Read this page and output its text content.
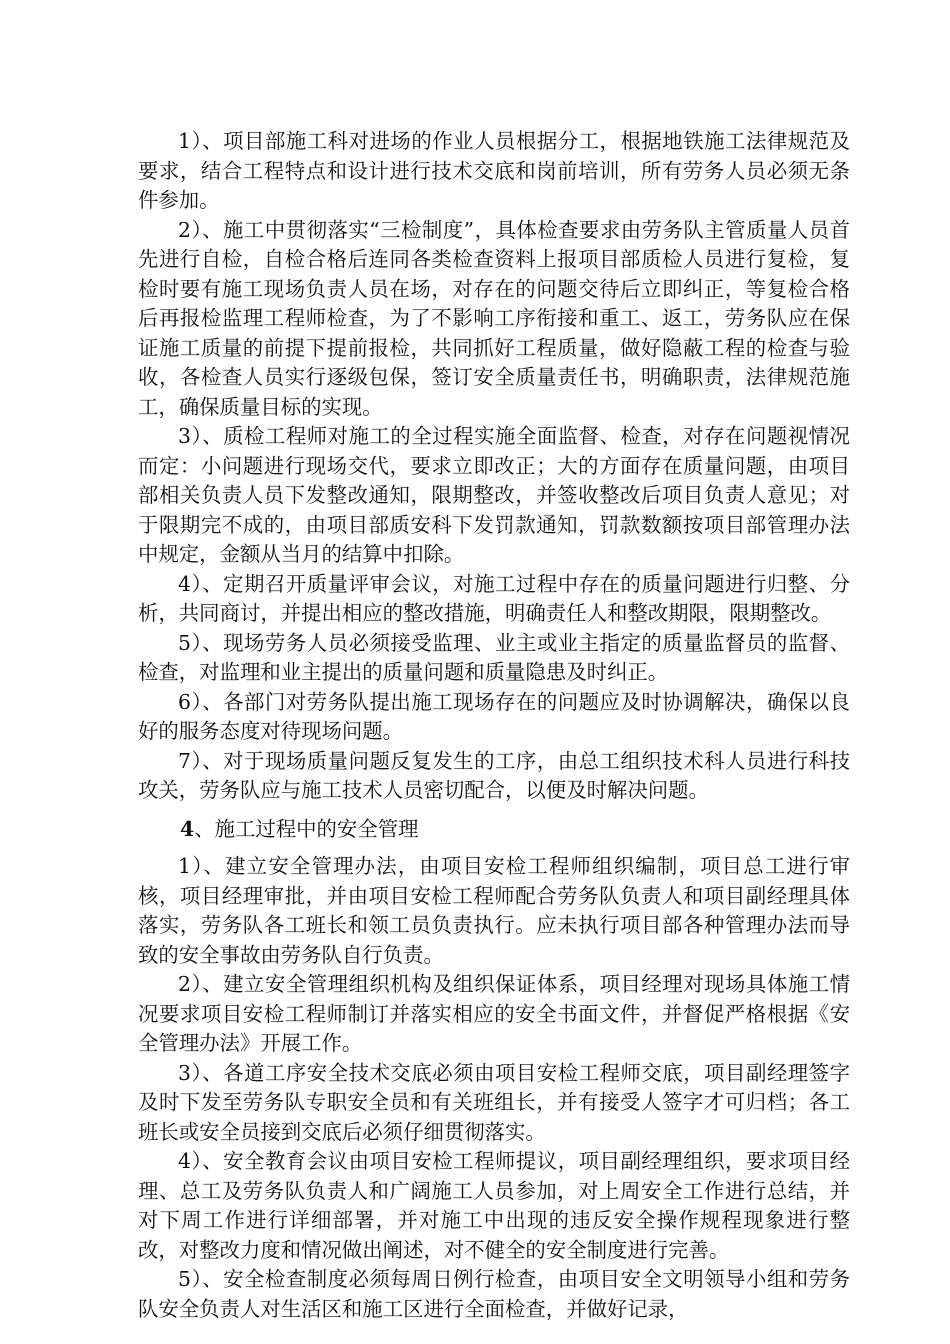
1）、项目部施工科对进场的作业人员根据分工，根据地铁施工法律规范及要求，结合工程特点和设计进行技术交底和岗前培训，所有劳务人员必须无条件参加。

2）、施工中贯彻落实“三检制度”，具体检查要求由劳务队主管质量人员首先进行自检，自检合格后连同各类检查资料上报项目部质检人员进行复检，复检时要有施工现场负责人员在场，对存在的问题交待后立即纠正，等复检合格后再报检监理工程师检查，为了不影响工序衔接和重工、返工，劳务队应在保证施工质量的前提下提前报检，共同抓好工程质量，做好隐蔽工程的检查与验收，各检查人员实行逐级包保，签订安全质量责任书，明确职责，法律规范施工，确保质量目标的实现。

3）、质检工程师对施工的全过程实施全面监督、检查，对存在问题视情况而定：小问题进行现场交代，要求立即改正；大的方面存在质量问题，由项目部相关负责人员下发整改通知，限期整改，并签收整改后项目负责人意见；对于限期完不成的，由项目部质安科下发罚款通知，罚款数额按项目部管理办法中规定，金额从当月的结算中扣除。

4）、定期召开质量评审会议，对施工过程中存在的质量问题进行归整、分析，共同商讨，并提出相应的整改措施，明确责任人和整改期限，限期整改。

5）、现场劳务人员必须接受监理、业主或业主指定的质量监督员的监督、检查，对监理和业主提出的质量问题和质量隐患及时纠正。

6）、各部门对劳务队提出施工现场存在的问题应及时协调解决，确保以良好的服务态度对待现场问题。

7）、对于现场质量问题反复发生的工序，由总工组织技术科人员进行科技攻关，劳务队应与施工技术人员密切配合，以便及时解决问题。

4、施工过程中的安全管理

1）、建立安全管理办法，由项目安检工程师组织编制，项目总工进行审核，项目经理审批，并由项目安检工程师配合劳务队负责人和项目副经理具体落实，劳务队各工班长和领工员负责执行。应未执行项目部各种管理办法而导致的安全事故由劳务队自行负责。

2）、建立安全管理组织机构及组织保证体系，项目经理对现场具体施工情况要求项目安检工程师制订并落实相应的安全书面文件，并督促严格根据《安全管理办法》开展工作。

3）、各道工序安全技术交底必须由项目安检工程师交底，项目副经理签字及时下发至劳务队专职安全员和有关班组长，并有接受人签字才可归档；各工班长或安全员接到交底后必须仔细贯彻落实。

4）、安全教育会议由项目安检工程师提议，项目副经理组织，要求项目经理、总工及劳务队负责人和广阔施工人员参加，对上周安全工作进行总结，并对下周工作进行详细部署，并对施工中出现的违反安全操作规程现象进行整改，对整改力度和情况做出阐述，对不健全的安全制度进行完善。

5）、安全检查制度必须每周日例行检查，由项目安全文明领导小组和劳务队安全负责人对生活区和施工区进行全面检查，并做好记录，
